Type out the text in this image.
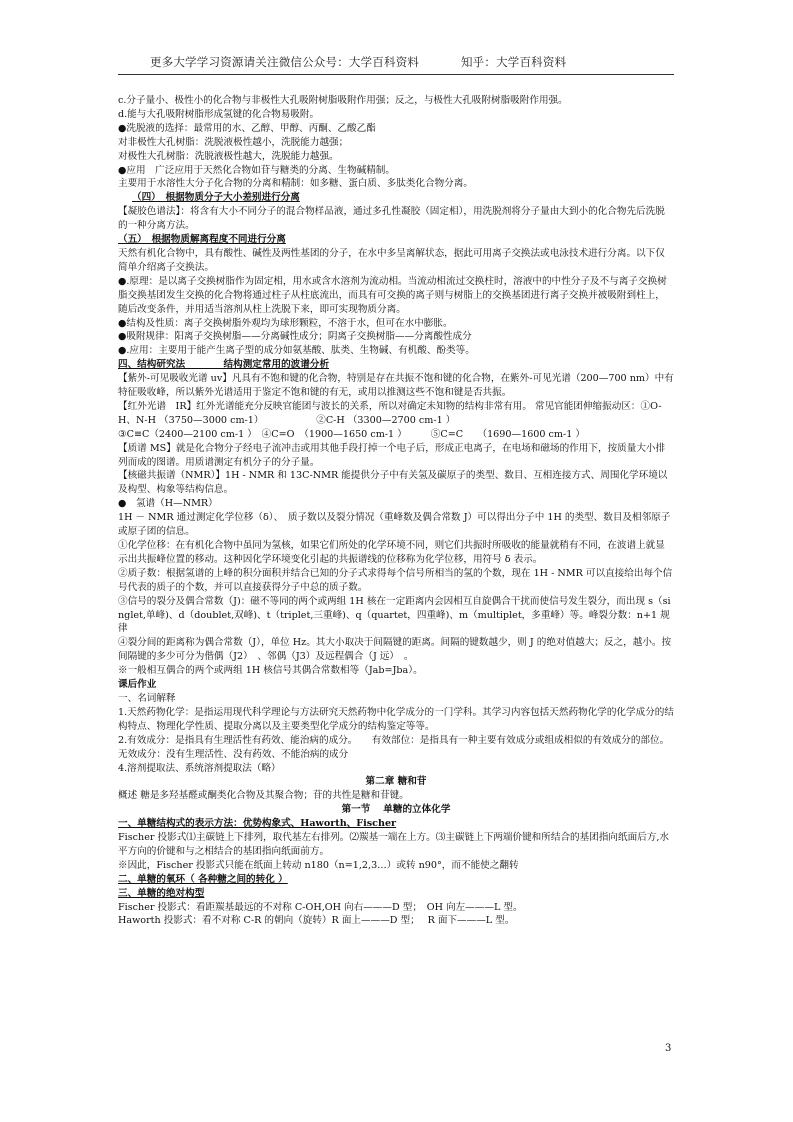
更多大学学习资源请关注微信公众号：大学百科资料	知乎：大学百科资料

c.分子量小、极性小的化合物与非极性大孔吸附树脂吸附作用强；反之，与极性大孔吸附树脂吸附作用强。

d.能与大孔吸附树脂形成氢键的化合物易吸附。

●洗脱液的选择：最常用的水、乙醇、甲醇、丙酮、乙酸乙酯

对非极性大孔树脂：洗脱液极性越小，洗脱能力越强；

对极性大孔树脂：洗脱液极性越大，洗脱能力越强。

●应用　广泛应用于天然化合物如苷与糖类的分离、生物碱精制。

主要用于水溶性大分子化合物的分离和精制：如多糖、蛋白质、多肽类化合物分离。

（四）　根据物质分子大小差别进行分离

【凝胶色谱法】：将含有大小不同分子的混合物样品液，通过多孔性凝胶（固定相），用洗脱剂将分子量由大到小的化合物先后洗脱的一种分离方法。

（五）　根据物质解离程度不同进行分离

天然有机化合物中，具有酸性、碱性及两性基团的分子，在水中多呈离解状态，据此可用离子交换法或电泳技术进行分离。以下仅简单介绍离子交换法。

●.原理：是以离子交换树脂作为固定相，用水或含水溶剂为流动相。当流动相流过交换柱时，溶液中的中性分子及不与离子交换树脂交换基团发生交换的化合物将通过柱子从柱底流出，而具有可交换的离子则与树脂上的交换基团进行离子交换并被吸附到柱上，随后改变条件，并用适当溶剂从柱上洗脱下来，即可实现物质分离。

●结构及性质：离子交换树脂外观均为球形颗粒，不溶于水，但可在水中膨胀。

●吸附规律：阳离子交换树脂——分离碱性成分；阴离子交换树脂——分离酸性成分

●.应用：主要用于能产生离子型的成分如氨基酸、肽类、生物碱、有机酸、酚类等。

四、结构研究法　　　　结构测定常用的波谱分析

【紫外-可见吸收光谱 uv】凡具有不饱和键的化合物，特别是存在共振不饱和键的化合物，在紫外-可见光谱（200—700 nm）中有特征吸收峰，所以紫外光谱适用于鉴定不饱和键的有无，或用以推测这些不饱和键是否共振。

【红外光谱　IR】红外光谱能充分反映官能团与波长的关系，所以对确定未知物的结构非常有用。 常见官能团伸缩振动区：①O-H、N-H （3750—3000 cm-1）　　　　　　②C-H （3300—2700 cm-1 ）

③C≡C（2400—2100 cm-1 ）　④C=O　（1900—1650 cm-1 ）　　　⑤C=C　　（1690—1600 cm-1 ）

【质谱 MS】就是化合物分子经电子流冲击或用其他手段打掉一个电子后，形成正电离子，在电场和磁场的作用下，按质量大小排列而成的图谱。用质谱测定有机分子的分子量。

【核磁共振谱（NMR）】1H - NMR 和 13C-NMR 能提供分子中有关氢及碳原子的类型、数目、互相连接方式、周围化学环境以及构型、构象等结构信息。

●　氢谱（H—NMR）

1H － NMR 通过测定化学位移（δ）、　质子数以及裂分情况（重峰数及偶合常数 J）可以得出分子中 1H 的类型、数目及相邻原子或原子团的信息。

①化学位移：在有机化合物中虽同为氢核，如果它们所处的化学环境不同，则它们共振时所吸收的能量就稍有不同，在波谱上就显示出共振峰位置的移动。这种因化学环境变化引起的共振谱线的位移称为化学位移，用符号 δ 表示。

②质子数：根据氢谱的上峰的积分面积并结合已知的分子式求得每个信号所相当的氢的个数，现在 1H - NMR 可以直接给出每个信号代表的质子的个数，并可以直接获得分子中总的质子数。

③信号的裂分及偶合常数（J)：磁不等同的两个或两组 1H 核在一定距离内会因相互自旋偶合干扰而使信号发生裂分，而出现 s（singlet,单峰)、d（doublet,双峰)、t（triplet,三重峰)、q（quartet，四重峰)、m（multiplet，多重峰）等。峰裂分数：n+1 规律

④裂分间的距离称为偶合常数（J），单位 Hz。其大小取决于间隔键的距离。间隔的键数越少，则 J 的绝对值越大；反之，越小。按间隔键的多少可分为偕偶（J2）　、邻偶（J3）及远程偶合（J 远）　。

※一般相互偶合的两个或两组 1H 核信号其偶合常数相等（Jab=Jba）。

课后作业

一、名词解释

1.天然药物化学：是指运用现代科学理论与方法研究天然药物中化学成分的一门学科。其学习内容包括天然药物化学的化学成分的结构特点、物理化学性质、提取分离以及主要类型化学成分的结构鉴定等等。

2.有效成分：是指具有生理活性有药效、能治病的成分。　　有效部位：是指具有一种主要有效成分或组成相似的有效成分的部位。无效成分：没有生理活性、没有药效、不能治病的成分

4.溶剂提取法、系统溶剂提取法（略）

第二章 糖和苷

概述 糖是多羟基醛或酮类化合物及其聚合物；苷的共性是糖和苷键。

第一节　 单糖的立体化学

一、单糖结构式的表示方法：优势构象式、Haworth、Fischer

Fischer 投影式⑴主碳链上下排列，取代基左右排列。⑵羰基一端在上方。⑶主碳链上下两端价键和所结合的基团指向纸面后方,水平方向的价键和与之相结合的基团指向纸面前方。

※因此，Fischer 投影式只能在纸面上转动 n180（n=1,2,3…）或转 n90°，而不能使之翻转

二、单糖的氧环（ 各种糖之间的转化 ）

三、单糖的绝对构型

Fischer 投影式：看距羰基最远的不对称 C-OH,OH 向右———D 型；　OH 向左———L 型。

Haworth 投影式：看不对称 C-R 的朝向（旋转）R 面上———D 型；　 R 面下———L 型。

3
